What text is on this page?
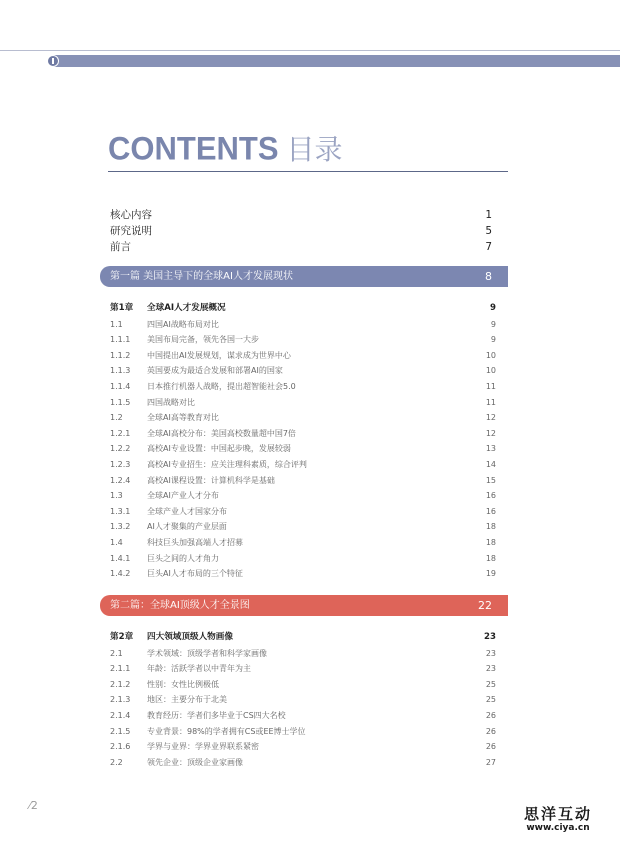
CONTENTS 目录
核心内容	1
研究说明	5
前言	7
第一篇 美国主导下的全球AI人才发展现状	8
第1章	全球AI人才发展概况	9
1.1	四国AI战略布局对比	9
1.1.1	美国布局完备，领先各国一大步	9
1.1.2	中国提出AI发展规划，谋求成为世界中心	10
1.1.3	英国要成为最适合发展和部署AI的国家	10
1.1.4	日本推行机器人战略，提出超智能社会5.0	11
1.1.5	四国战略对比	11
1.2	全球AI高等教育对比	12
1.2.1	全球AI高校分布：美国高校数量超中国7倍	12
1.2.2	高校AI专业设置：中国起步晚，发展较弱	13
1.2.3	高校AI专业招生：应关注理科素质，综合评判	14
1.2.4	高校AI课程设置：计算机科学是基础	15
1.3	全球AI产业人才分布	16
1.3.1	全球产业人才国家分布	16
1.3.2	AI人才聚集的产业层面	18
1.4	科技巨头加强高端人才招募	18
1.4.1	巨头之间的人才角力	18
1.4.2	巨头AI人才布局的三个特征	19
第二篇：全球AI顶级人才全景图	22
第2章	四大领域顶级人物画像	23
2.1	学术领域：顶级学者和科学家画像	23
2.1.1	年龄：活跃学者以中青年为主	23
2.1.2	性别：女性比例极低	25
2.1.3	地区：主要分布于北美	25
2.1.4	教育经历：学者们多毕业于CS四大名校	26
2.1.5	专业背景：98%的学者拥有CS或EE博士学位	26
2.1.6	学界与业界：学界业界联系紧密	26
2.2	领先企业：顶级企业家画像	27
⁄2	思洋互动
www.ciya.cn
